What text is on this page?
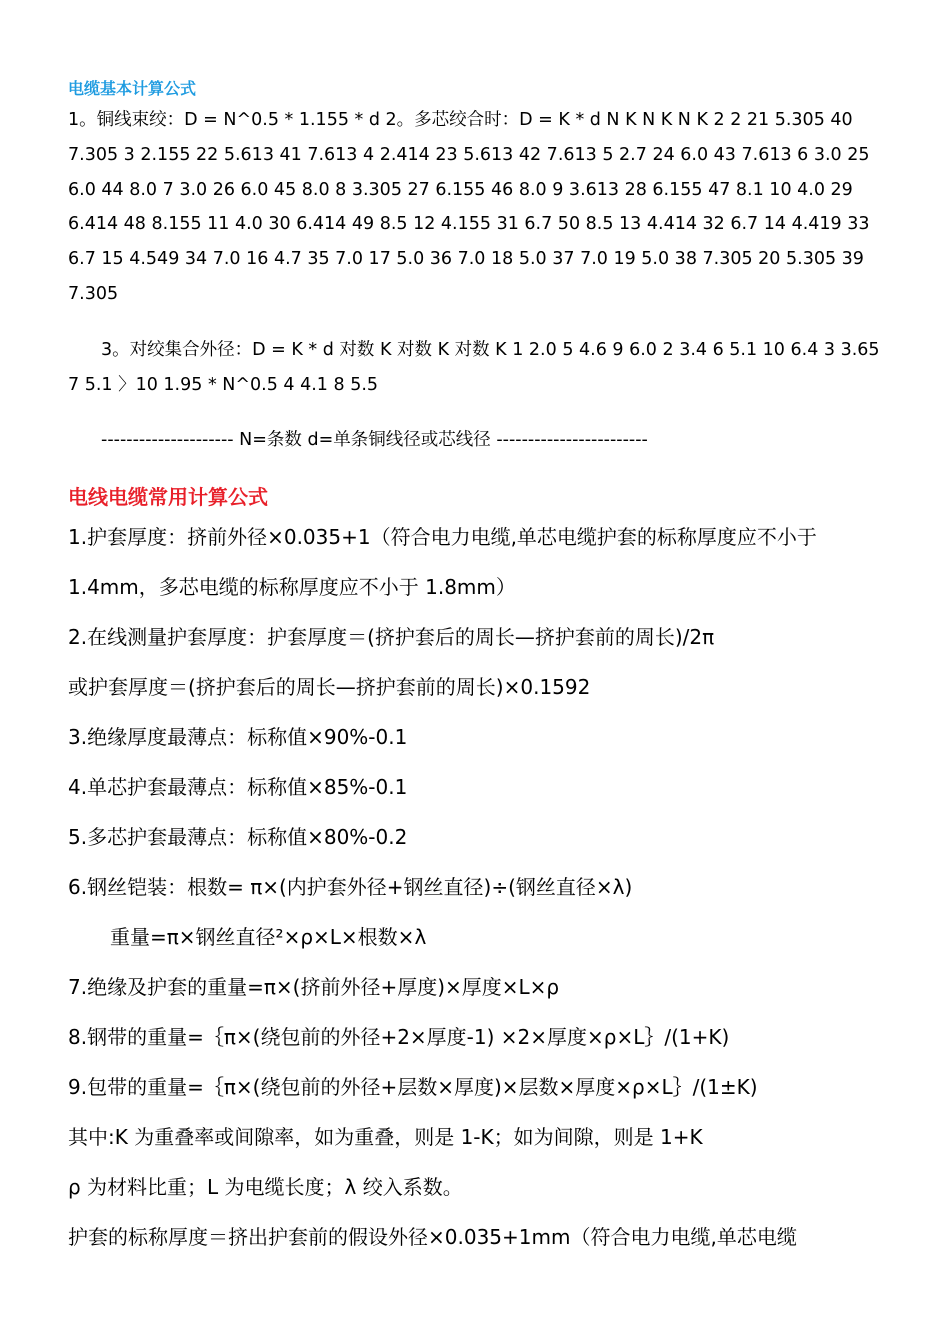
电缆基本计算公式

1。铜线束绞：D = N^0.5 * 1.155 * d 2。多芯绞合时：D = K * d N K N K N K 2 2 21 5.305 40 7.305 3 2.155 22 5.613 41 7.613 4 2.414 23 5.613 42 7.613 5 2.7 24 6.0 43 7.613 6 3.0 25 6.0 44 8.0 7 3.0 26 6.0 45 8.0 8 3.305 27 6.155 46 8.0 9 3.613 28 6.155 47 8.1 10 4.0 29 6.414 48 8.155 11 4.0 30 6.414 49 8.5 12 4.155 31 6.7 50 8.5 13 4.414 32 6.7 14 4.419 33 6.7 15 4.549 34 7.0 16 4.7 35 7.0 17 5.0 36 7.0 18 5.0 37 7.0 19 5.0 38 7.305 20 5.305 39 7.305

3。对绞集合外径：D = K * d 对数 K 对数 K 对数 K 1 2.0 5 4.6 9 6.0 2 3.4 6 5.1 10 6.4 3 3.65 7 5.1 〉10 1.95 * N^0.5 4 4.1 8 5.5

--------------------- N=条数 d=单条铜线径或芯线径 ------------------------

电线电缆常用计算公式
1.护套厚度：挤前外径×0.035+1（符合电力电缆,单芯电缆护套的标称厚度应不小于 1.4mm，多芯电缆的标称厚度应不小于 1.8mm）
2.在线测量护套厚度：护套厚度＝(挤护套后的周长—挤护套前的周长)/2π
或护套厚度＝(挤护套后的周长—挤护套前的周长)×0.1592
3.绝缘厚度最薄点：标称值×90%-0.1
4.单芯护套最薄点：标称值×85%-0.1
5.多芯护套最薄点：标称值×80%-0.2
6.钢丝铠装：根数= π×(内护套外径+钢丝直径)÷(钢丝直径×λ)
重量=π×钢丝直径²×ρ×L×根数×λ
7.绝缘及护套的重量=π×(挤前外径+厚度)×厚度×L×ρ
8.钢带的重量=｛π×(绕包前的外径+2×厚度-1) ×2×厚度×ρ×L｝/(1+K)
9.包带的重量=｛π×(绕包前的外径+层数×厚度)×层数×厚度×ρ×L｝/(1±K)
其中:K 为重叠率或间隙率，如为重叠，则是 1-K；如为间隙，则是 1+K
ρ 为材料比重；L 为电缆长度；λ 绞入系数。
护套的标称厚度＝挤出护套前的假设外径×0.035+1mm（符合电力电缆,单芯电缆
